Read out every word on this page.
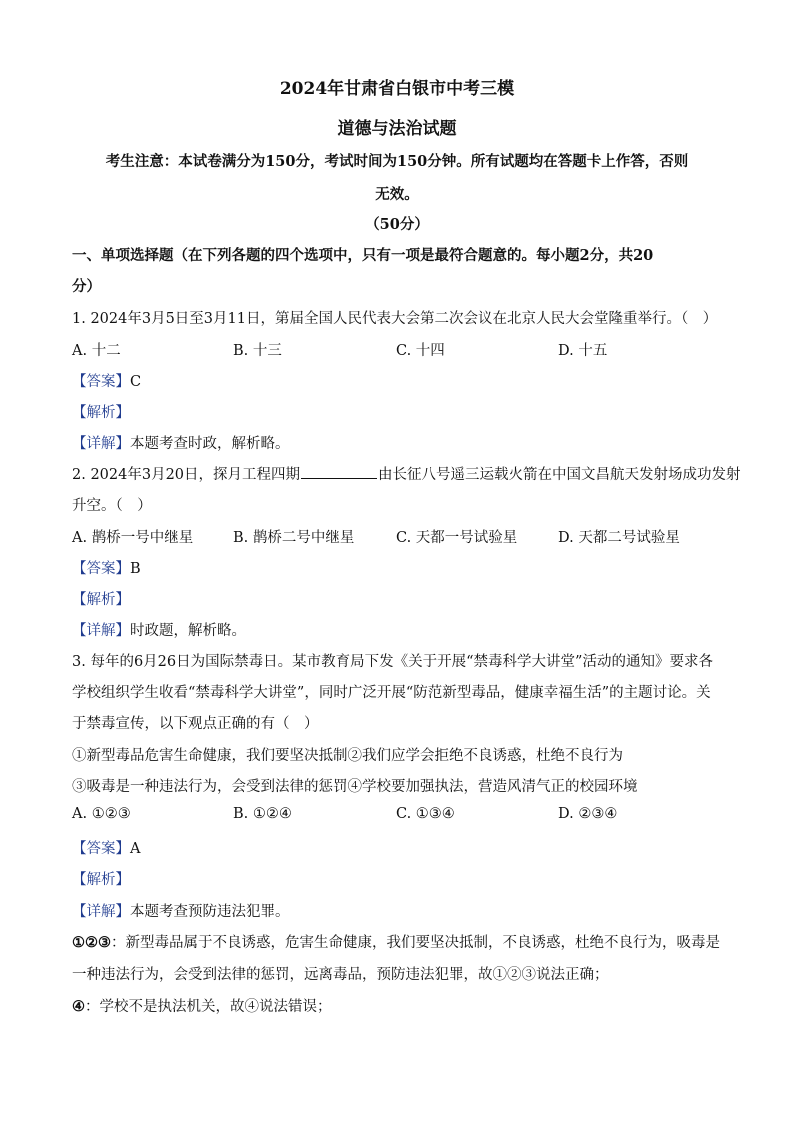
2024年甘肃省白银市中考三模
道德与法治试题
考生注意：本试卷满分为150分，考试时间为150分钟。所有试题均在答题卡上作答，否则
无效。
（50分）
一、单项选择题（在下列各题的四个选项中，只有一项是最符合题意的。每小题2分，共20
分）
1. 2024年3月5日至3月11日，第届全国人民代表大会第二次会议在北京人民大会堂隆重举行。（　）
A. 十二	B. 十三	C. 十四	D. 十五
【答案】C
【解析】
【详解】本题考查时政，解析略。
2. 2024年3月20日，探月工程四期	由长征八号遥三运载火箭在中国文昌航天发射场成功发射
升空。（　）
A. 鹊桥一号中继星	B. 鹊桥二号中继星	C. 天都一号试验星	D. 天都二号试验星
【答案】B
【解析】
【详解】时政题，解析略。
3. 每年的6月26日为国际禁毒日。某市教育局下发《关于开展“禁毒科学大讲堂”活动的通知》要求各
学校组织学生收看“禁毒科学大讲堂”，同时广泛开展“防范新型毒品，健康幸福生活”的主题讨论。关
于禁毒宣传，以下观点正确的有（　）
①新型毒品危害生命健康，我们要坚决抵制②我们应学会拒绝不良诱惑，杜绝不良行为
③吸毒是一种违法行为，会受到法律的惩罚④学校要加强执法，营造风清气正的校园环境
A. ①②③	B. ①②④	C. ①③④	D. ②③④
【答案】A
【解析】
【详解】本题考查预防违法犯罪。
①②③：新型毒品属于不良诱惑，危害生命健康，我们要坚决抵制，不良诱惑，杜绝不良行为，吸毒是
一种违法行为，会受到法律的惩罚，远离毒品，预防违法犯罪，故①②③说法正确；
④：学校不是执法机关，故④说法错误；
